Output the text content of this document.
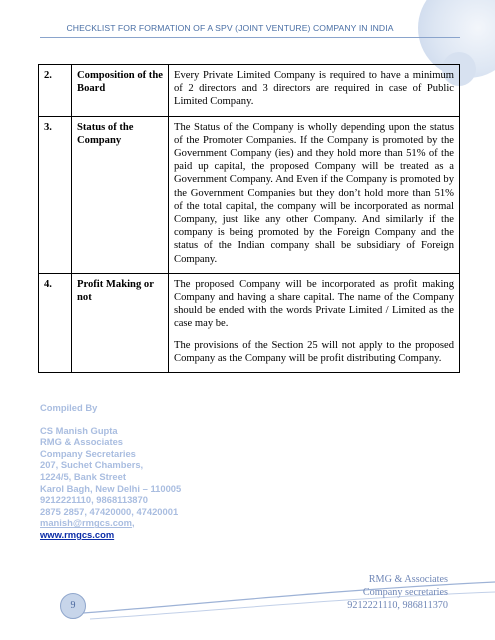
CHECKLIST FOR FORMATION OF A SPV (JOINT VENTURE) COMPANY IN INDIA
2.	Composition of the Board	Every Private Limited Company is required to have a minimum of 2 directors and 3 directors are required in case of Public Limited Company.

3.	Status of the Company	The Status of the Company is wholly depending upon the status of the Promoter Companies. If the Company is promoted by the Government Company (ies) and they hold more than 51% of the paid up capital, the proposed Company will be treated as a Government Company. And Even if the Company is promoted by the Government Companies but they don’t hold more than 51% of the total capital, the company will be incorporated as normal Company, just like any other Company. And similarly if the company is being promoted by the Foreign Company and the status of the Indian company shall be subsidiary of Foreign Company.

4.	Profit Making or not	The proposed Company will be incorporated as profit making Company and having a share capital. The name of the Company should be ended with the words Private Limited / Limited as the case may be.

The provisions of the Section 25 will not apply to the proposed Company as the Company will be profit distributing Company.

Compiled By
CS Manish Gupta
RMG & Associates
Company Secretaries
207, Suchet Chambers,
1224/5, Bank Street
Karol Bagh, New Delhi – 110005
9212221110, 9868113870
2875 2857, 47420000, 47420001
manish@rmgcs.com,
www.rmgcs.com
RMG & Associates
Company secretaries
9212221110, 986811370
9
